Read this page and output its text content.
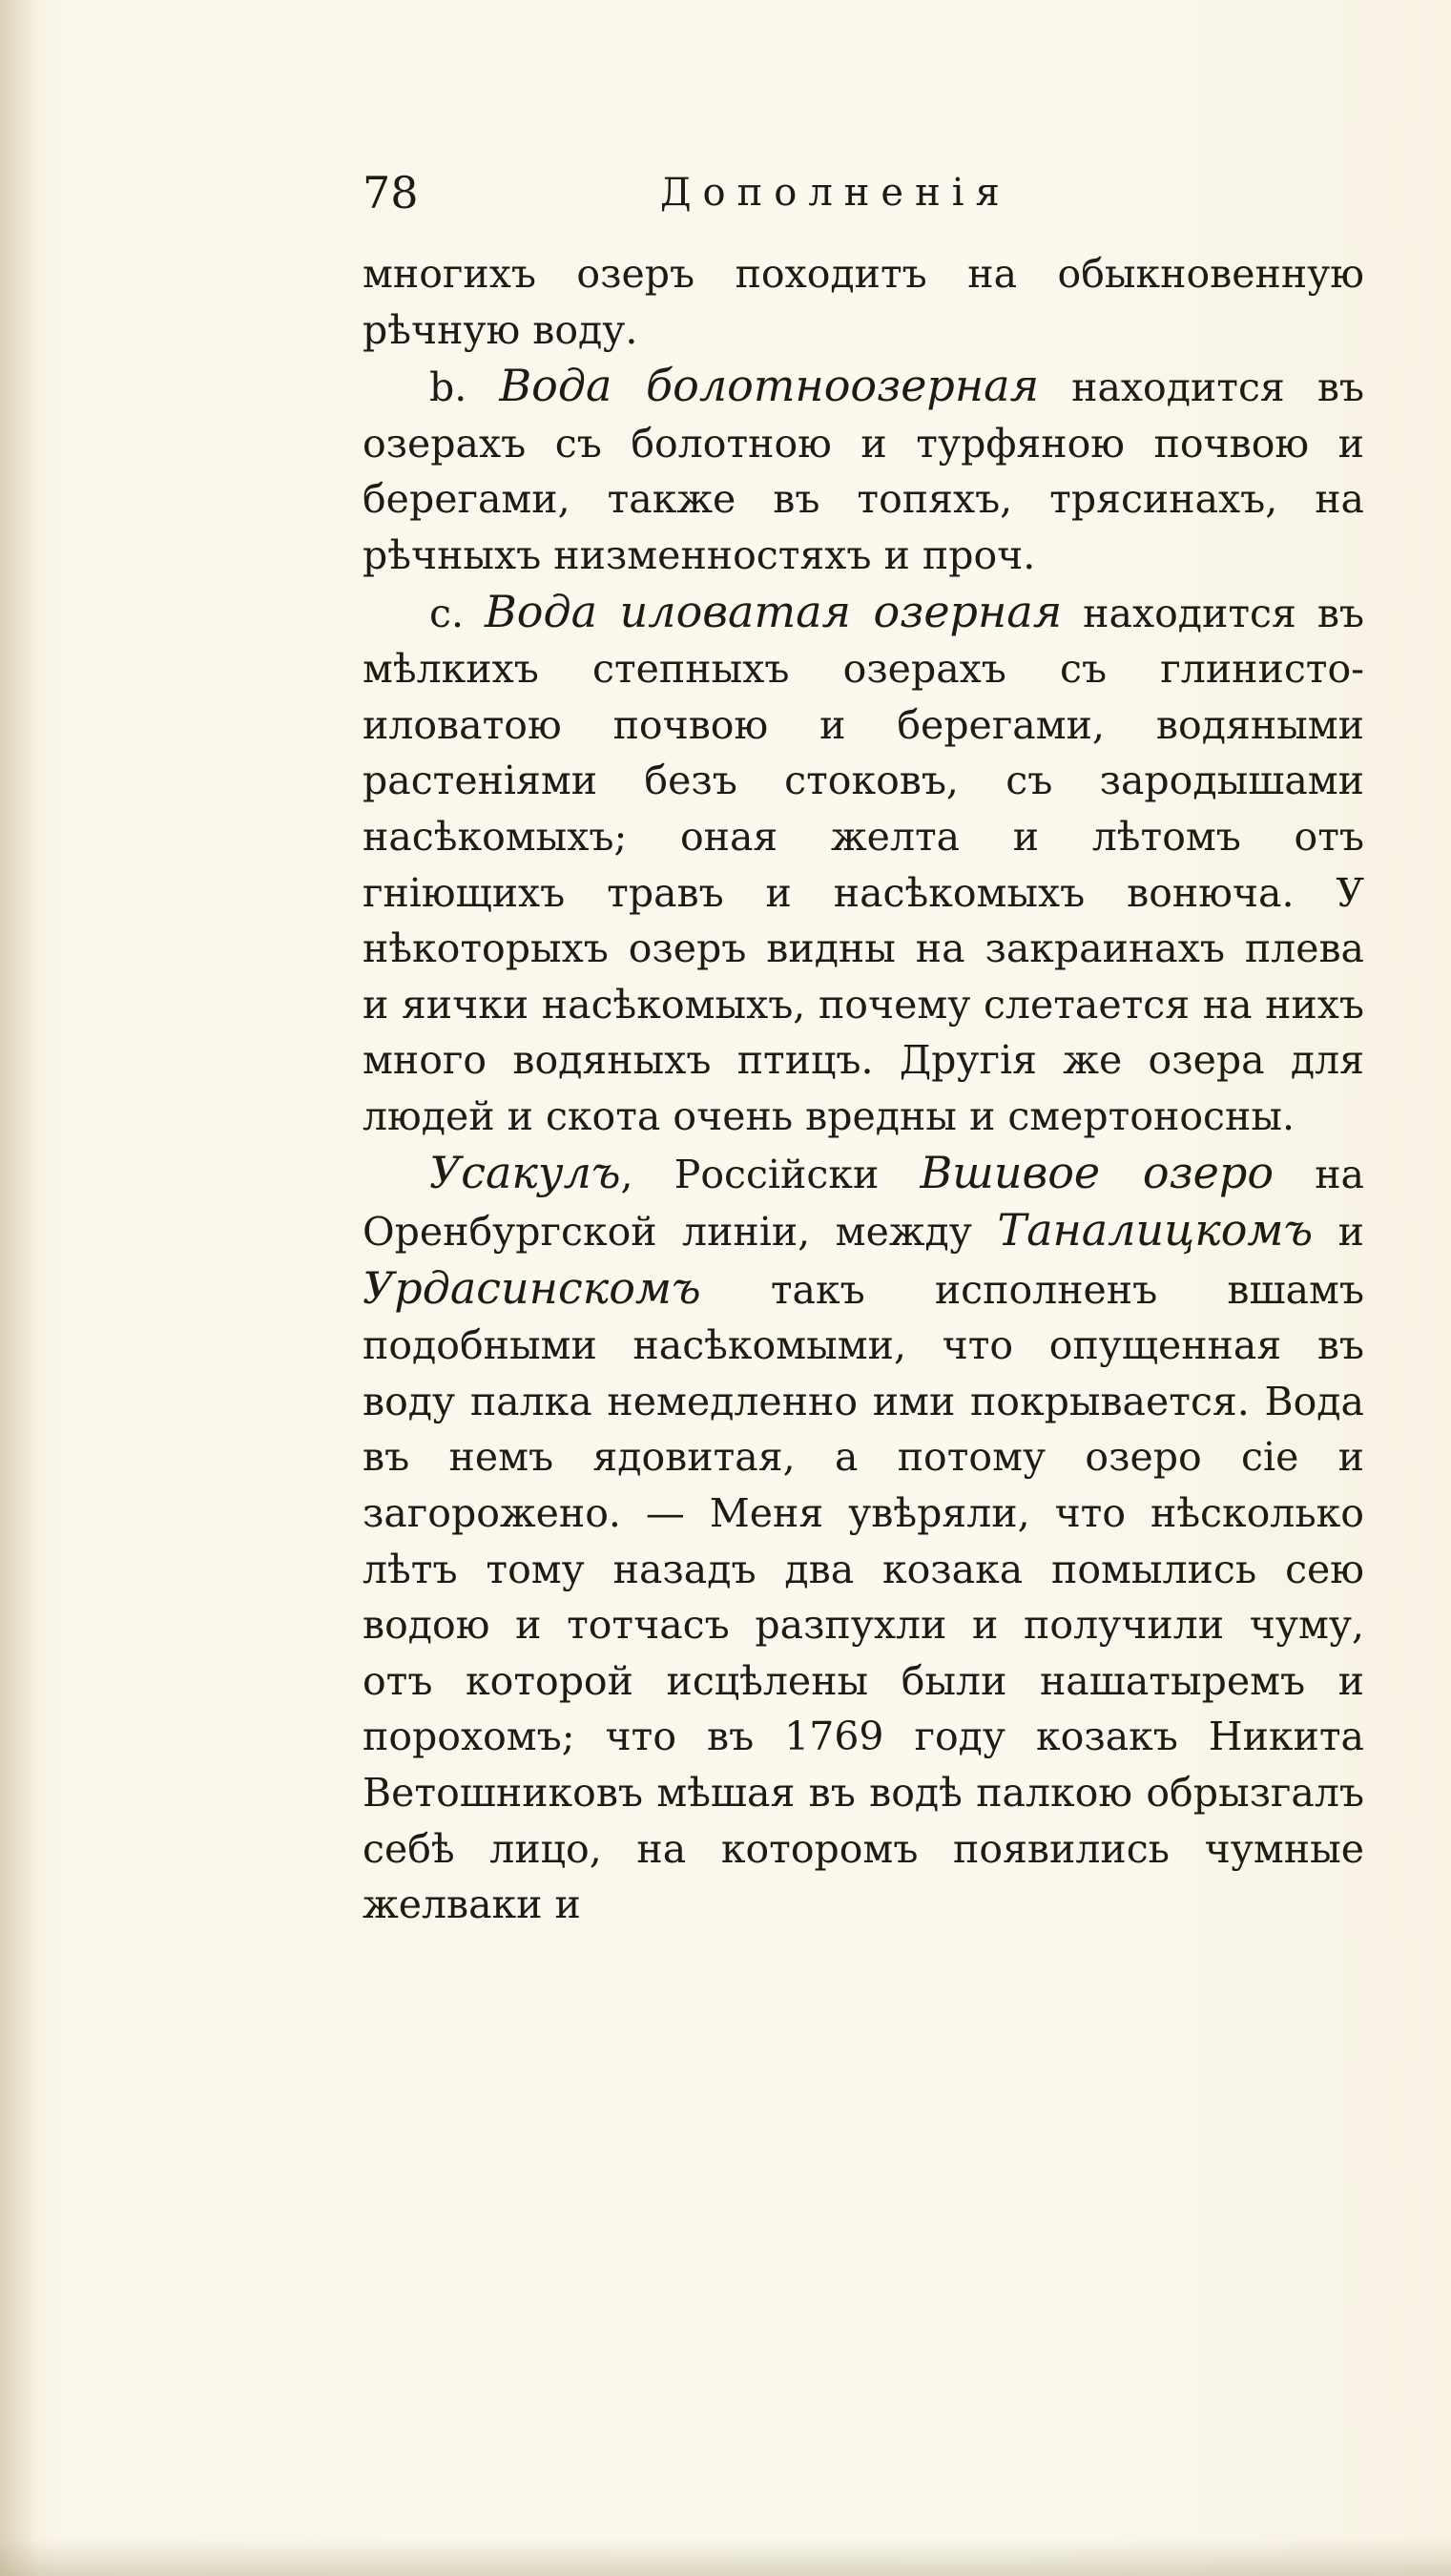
78	Дополненія

многихъ озеръ походитъ на обыкновенную рѣчную воду.

b. Вода болотноозерная находится въ озерахъ съ болотною и турфяною почвою и берегами, также въ топяхъ, трясинахъ, на рѣчныхъ низменностяхъ и проч.

c. Вода иловатая озерная находится въ мѣлкихъ степныхъ озерахъ съ глинисто-иловатою почвою и берегами, водяными растеніями безъ стоковъ, съ зародышами насѣкомыхъ; оная желта и лѣтомъ отъ гніющихъ травъ и насѣкомыхъ вонюча. У нѣкоторыхъ озеръ видны на закраинахъ плева и яички насѣкомыхъ, почему слетается на нихъ много водяныхъ птицъ. Другія же озера для людей и скота очень вредны и смертоносны.

Усакулъ, Россійски Вшивое озеро на Оренбургской линіи, между Таналицкомъ и Урдасинскомъ такъ исполненъ вшамъ подобными насѣкомыми, что опущенная въ воду палка немедленно ими покрывается. Вода въ немъ ядовитая, а потому озеро сіе и загорожено. — Меня увѣряли, что нѣсколько лѣтъ тому назадъ два козака помылись сею водою и тотчасъ разпухли и получили чуму, отъ которой исцѣлены были нашатыремъ и порохомъ; что въ 1769 году козакъ Никита Ветошниковъ мѣшая въ водѣ палкою обрызгалъ себѣ лицо, на которомъ появились чумные желваки и
